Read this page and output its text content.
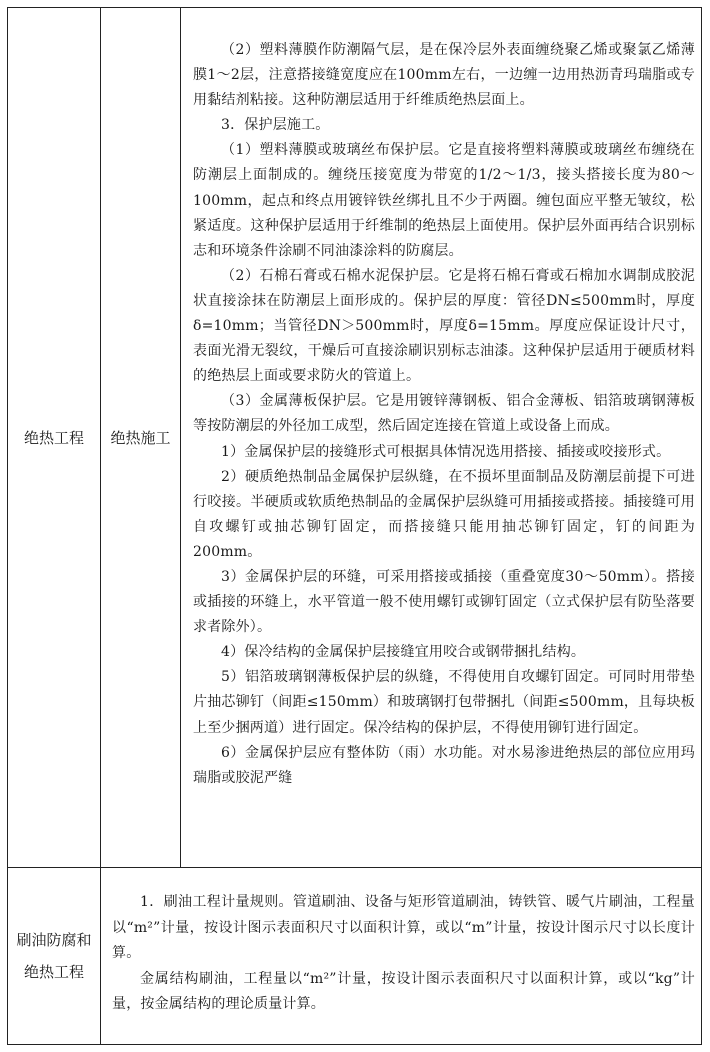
绝热工程 绝热施工

（2）塑料薄膜作防潮隔气层，是在保冷层外表面缠绕聚乙烯或聚氯乙烯薄膜1～2层，注意搭接缝宽度应在100mm左右，一边缠一边用热沥青玛瑞脂或专用黏结剂粘接。这种防潮层适用于纤维质绝热层面上。

3．保护层施工。

（1）塑料薄膜或玻璃丝布保护层。它是直接将塑料薄膜或玻璃丝布缠绕在防潮层上面制成的。缠绕压接宽度为带宽的1/2～1/3，接头搭接长度为80～100mm，起点和终点用镀锌铁丝绑扎且不少于两圈。缠包面应平整无皱纹，松紧适度。这种保护层适用于纤维制的绝热层上面使用。保护层外面再结合识别标志和环境条件涂刷不同油漆涂料的防腐层。

（2）石棉石膏或石棉水泥保护层。它是将石棉石膏或石棉加水调制成胶泥状直接涂抹在防潮层上面形成的。保护层的厚度：管径DN≤500mm时，厚度δ=10mm；当管径DN＞500mm时，厚度δ=15mm。厚度应保证设计尺寸，表面光滑无裂纹，干燥后可直接涂刷识别标志油漆。这种保护层适用于硬质材料的绝热层上面或要求防火的管道上。

（3）金属薄板保护层。它是用镀锌薄钢板、铝合金薄板、铝箔玻璃钢薄板等按防潮层的外径加工成型，然后固定连接在管道上或设备上而成。

1）金属保护层的接缝形式可根据具体情况选用搭接、插接或咬接形式。

2）硬质绝热制品金属保护层纵缝，在不损坏里面制品及防潮层前提下可进行咬接。半硬质或软质绝热制品的金属保护层纵缝可用插接或搭接。插接缝可用自攻螺钉或抽芯铆钉固定，而搭接缝只能用抽芯铆钉固定，钉的间距为200mm。

3）金属保护层的环缝，可采用搭接或插接（重叠宽度30～50mm）。搭接或插接的环缝上，水平管道一般不使用螺钉或铆钉固定（立式保护层有防坠落要求者除外）。

4）保冷结构的金属保护层接缝宜用咬合或钢带捆扎结构。

5）铝箔玻璃钢薄板保护层的纵缝，不得使用自攻螺钉固定。可同时用带垫片抽芯铆钉（间距≤150mm）和玻璃钢打包带捆扎（间距≤500mm，且每块板上至少捆两道）进行固定。保冷结构的保护层，不得使用铆钉进行固定。

6）金属保护层应有整体防（雨）水功能。对水易渗进绝热层的部位应用玛瑞脂或胶泥严缝

刷油防腐和绝热工程

1．刷油工程计量规则。管道刷油、设备与矩形管道刷油，铸铁管、暖气片刷油，工程量以“m²”计量，按设计图示表面积尺寸以面积计算，或以“m”计量，按设计图示尺寸以长度计算。

金属结构刷油，工程量以“m²”计量，按设计图示表面积尺寸以面积计算，或以“kg”计量，按金属结构的理论质量计算。
